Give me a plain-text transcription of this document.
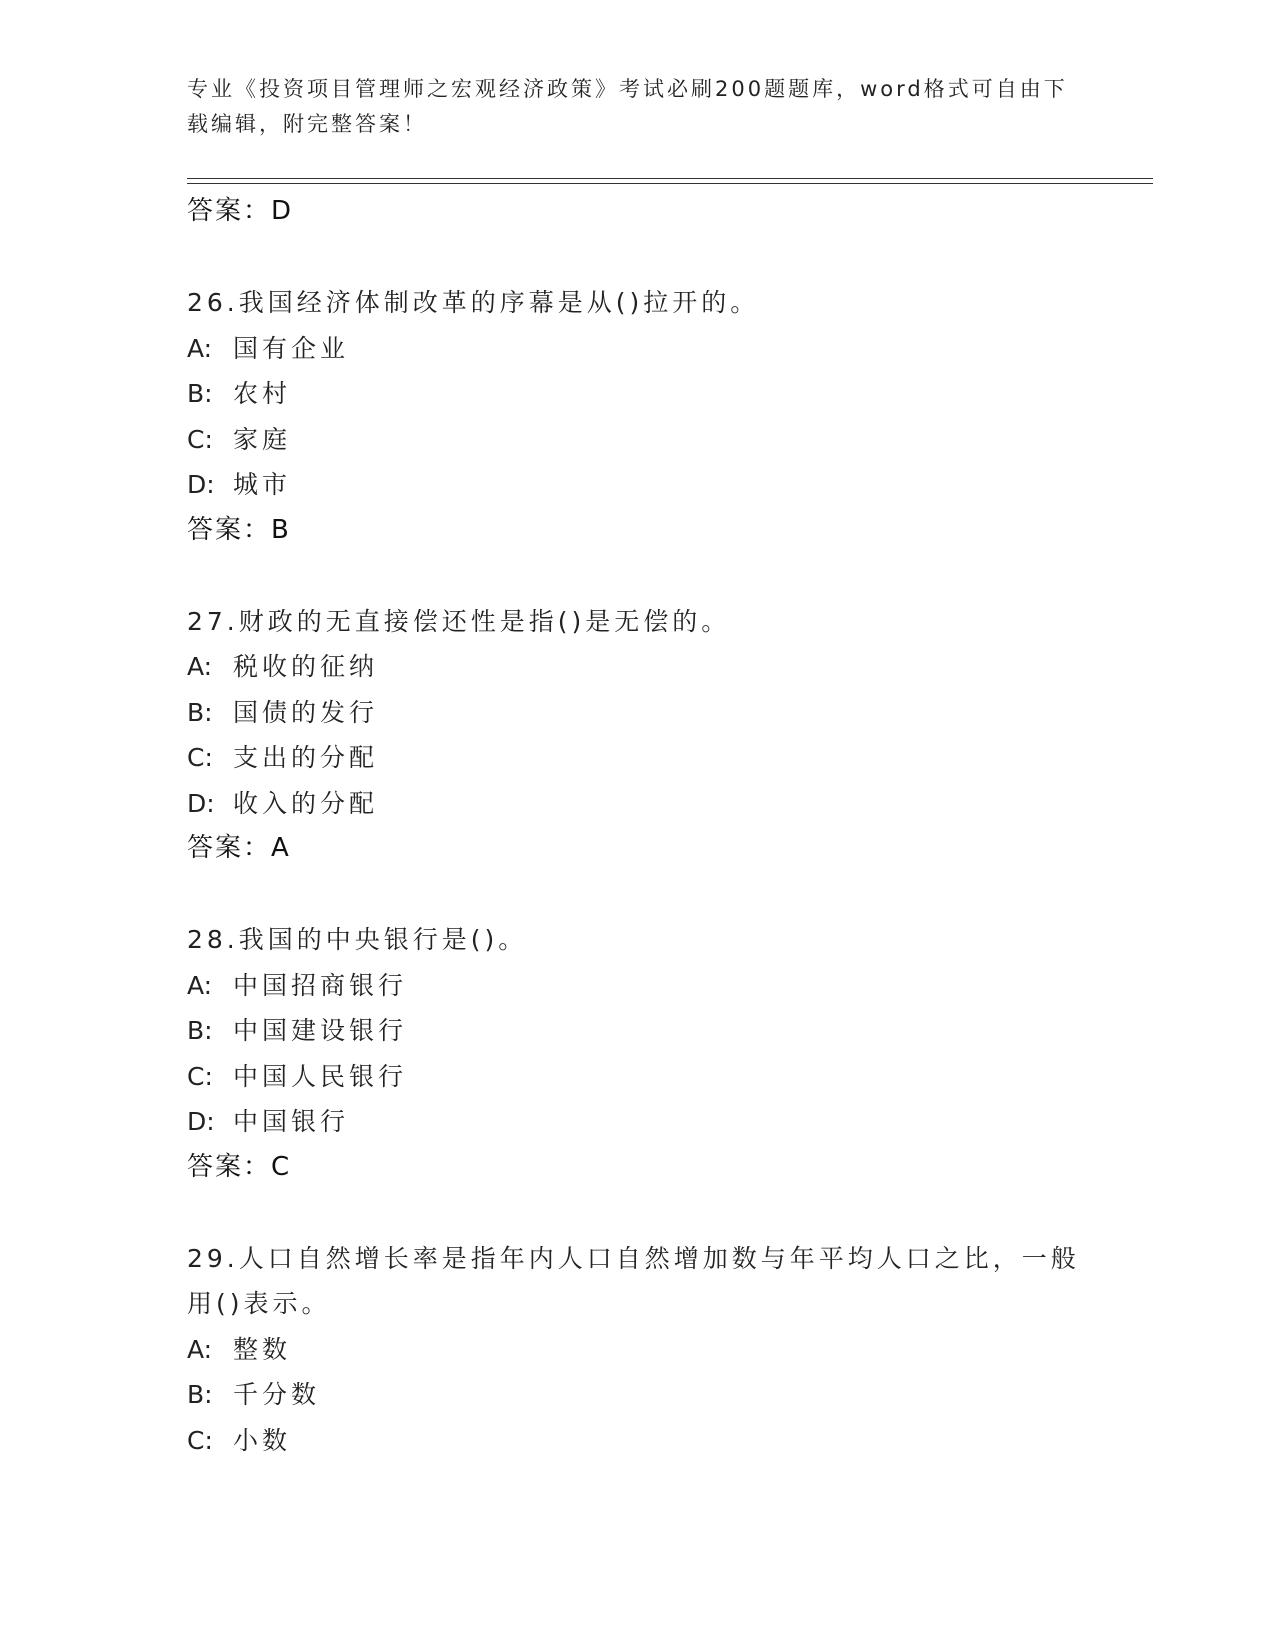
专业《投资项目管理师之宏观经济政策》考试必刷200题题库，word格式可自由下载编辑，附完整答案！
答案：D
26.我国经济体制改革的序幕是从()拉开的。
A: 国有企业
B: 农村
C: 家庭
D: 城市
答案：B
27.财政的无直接偿还性是指()是无偿的。
A: 税收的征纳
B: 国债的发行
C: 支出的分配
D: 收入的分配
答案：A
28.我国的中央银行是()。
A: 中国招商银行
B: 中国建设银行
C: 中国人民银行
D: 中国银行
答案：C
29.人口自然增长率是指年内人口自然增加数与年平均人口之比，一般用()表示。
A: 整数
B: 千分数
C: 小数
